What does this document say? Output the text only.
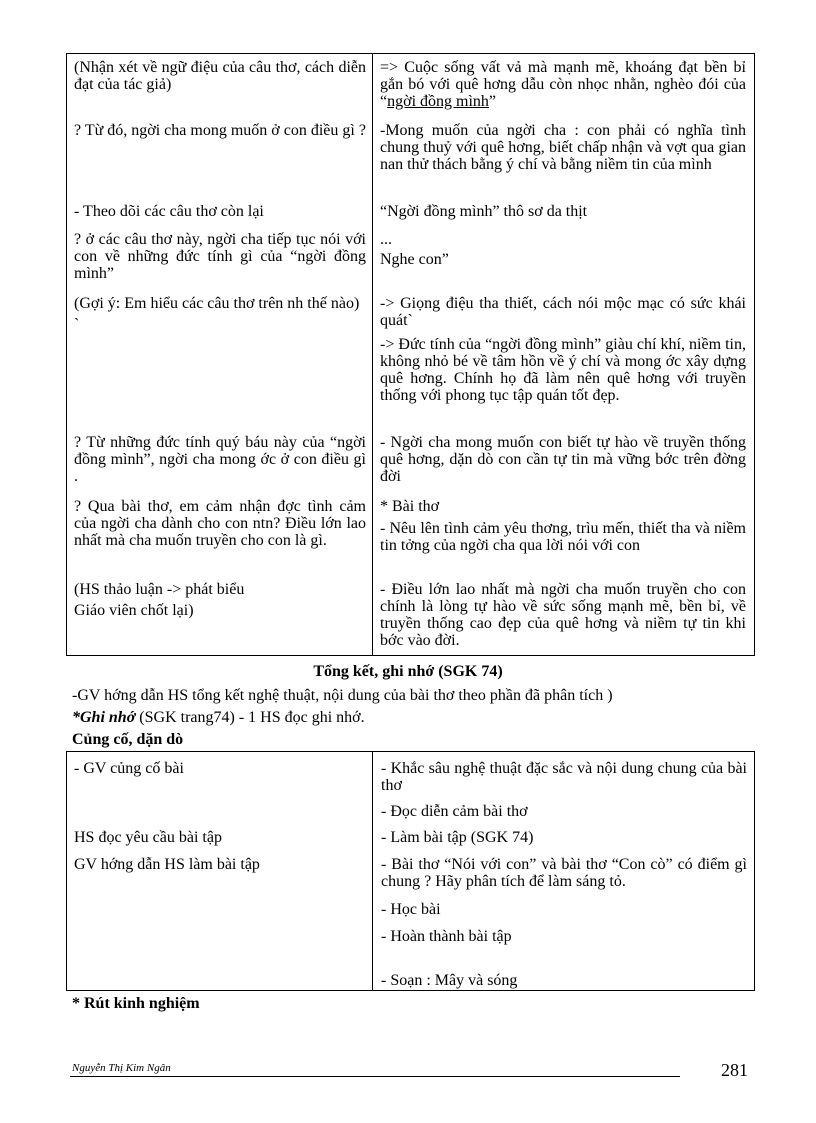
(Nhận xét về ngữ điệu của câu thơ, cách diễn đạt của tác giả)

=> Cuộc sống vất vả mà mạnh mẽ, khoáng đạt bền bỉ gắn bó với quê hơng dẫu còn nhọc nhằn, nghèo đói của “ngời đồng mình”

? Từ đó, ngời cha mong muốn ở con điều gì ? -Mong muốn của ngời cha : con phải có nghĩa tình chung thuỷ với quê hơng, biết chấp nhận và vợt qua gian nan thử thách bằng ý chí và bằng niềm tin của mình

- Theo dõi các câu thơ còn lại	“Ngời đồng mình” thô sơ da thịt

? ở các câu thơ này, ngời cha tiếp tục nói với con về những đức tính gì của “ngời đồng mình”

...

Nghe con”

(Gợi ý: Em hiểu các câu thơ trên nh thế nào)

`

-> Giọng điệu tha thiết, cách nói mộc mạc có sức khái quát`

-> Đức tính của “ngời đồng mình” giàu chí khí, niềm tin, không nhỏ bé về tâm hồn về ý chí và mong ớc xây dựng quê hơng. Chính họ đã làm nên quê hơng với truyền thống với phong tục tập quán tốt đẹp.

? Từ những đức tính quý báu này của “ngời đồng mình”, ngời cha mong ớc ở con điều gì .

- Ngời cha mong muốn con biết tự hào về truyền thống quê hơng, dặn dò con cần tự tin mà vững bớc trên đờng đời

? Qua bài thơ, em cảm nhận đợc tình cảm của ngời cha dành cho con ntn? Điều lớn lao nhất mà cha muốn truyền cho con là gì.

* Bài thơ

- Nêu lên tình cảm yêu thơng, trìu mến, thiết tha và niềm tin tởng của ngời cha qua lời nói với con

(HS thảo luận -> phát biểu

Giáo viên chốt lại)

- Điều lớn lao nhất mà ngời cha muốn truyền cho con chính là lòng tự hào về sức sống mạnh mẽ, bền bỉ, về truyền thống cao đẹp của quê hơng và niềm tự tin khi bớc vào đời.

Tổng kết, ghi nhớ (SGK 74)
-GV hớng dẫn HS tổng kết nghệ thuật, nội dung của bài thơ theo phần đã phân tích )
*Ghi nhớ (SGK trang74) - 1 HS đọc ghi nhớ.
Củng cố, dặn dò

- GV củng cố bài

HS đọc yêu cầu bài tập

GV hớng dẫn HS làm bài tập

- Khắc sâu nghệ thuật đặc sắc và nội dung chung của bài thơ

- Đọc diễn cảm bài thơ

- Làm bài tập (SGK 74)

- Bài thơ “Nói với con” và bài thơ “Con cò” có điểm gì chung ? Hãy phân tích để làm sáng tỏ.

- Học bài

- Hoàn thành bài tập

- Soạn : Mây và sóng

* Rút kinh nghiệm
Nguyễn Thị Kim Ngân	281
